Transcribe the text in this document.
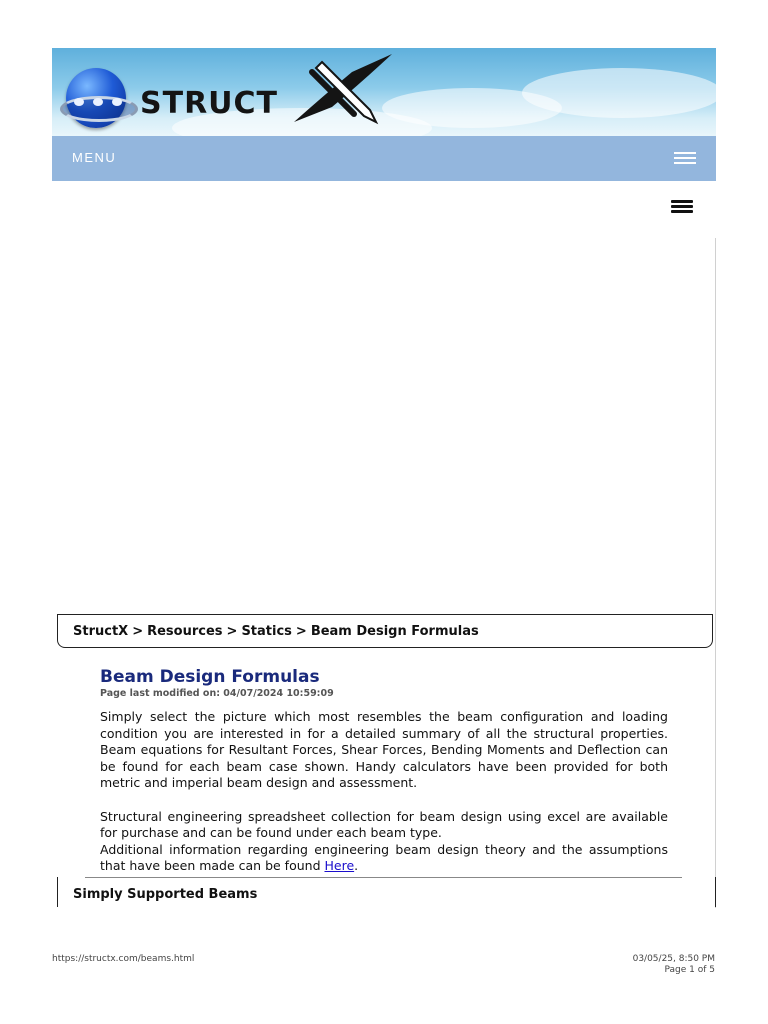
STRUCT
MENU
StructX > Resources > Statics > Beam Design Formulas
Beam Design Formulas
Page last modified on: 04/07/2024 10:59:09

Simply select the picture which most resembles the beam configuration and loading condition you are interested in for a detailed summary of all the structural properties. Beam equations for Resultant Forces, Shear Forces, Bending Moments and Deflection can be found for each beam case shown. Handy calculators have been provided for both metric and imperial beam design and assessment.

Structural engineering spreadsheet collection for beam design using excel are available for purchase and can be found under each beam type.

Additional information regarding engineering beam design theory and the assumptions that have been made can be found Here.

Simply Supported Beams
https://structx.com/beams.html	03/05/25, 8:50 PM
Page 1 of 5
